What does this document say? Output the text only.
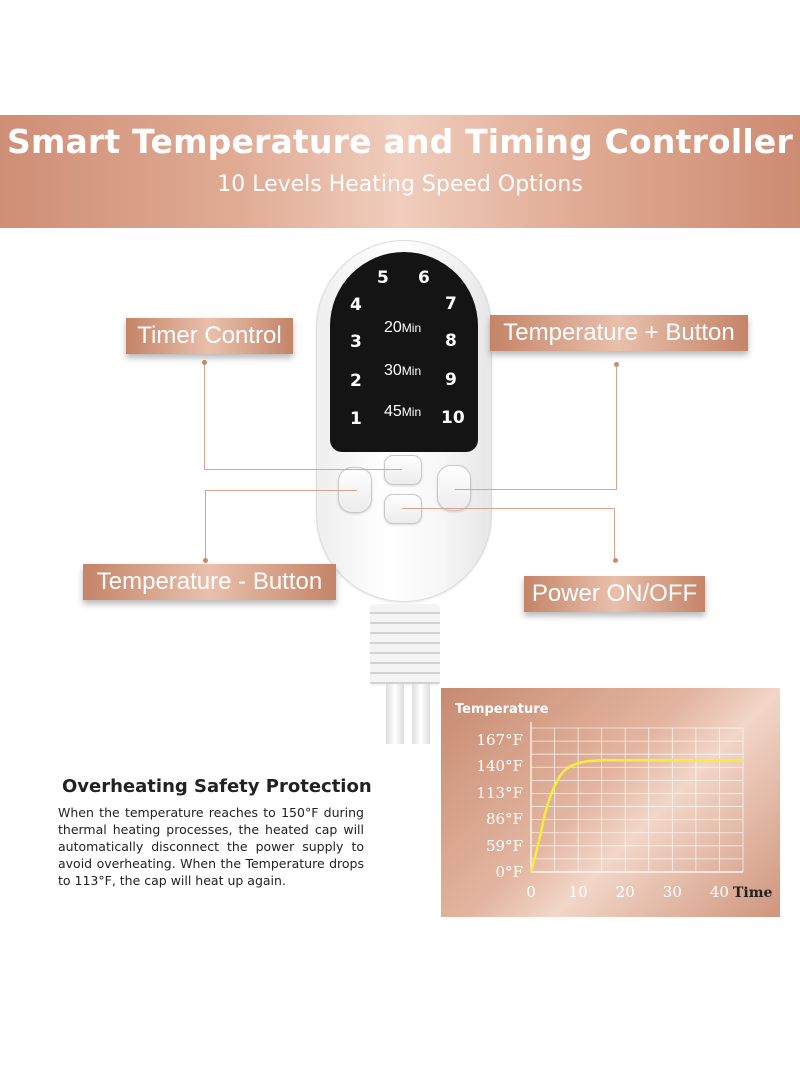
Smart Temperature and Timing Controller
10 Levels Heating Speed Options
4
5 6
7
3	8
2	9
1	10
20Min
30Min
45Min
Timer Control	Temperature + Button
Temperature - Button	Power ON/OFF
Overheating Safety Protection
When the temperature reaches to 150°F during thermal heating processes, the heated cap will automatically disconnect the power supply to avoid overheating. When the Temperature drops to 113°F, the cap will heat up again.	0°F
59°F
86°F
113°F
140°F
167°F
0 10 20 30 40
Temperature
Time
